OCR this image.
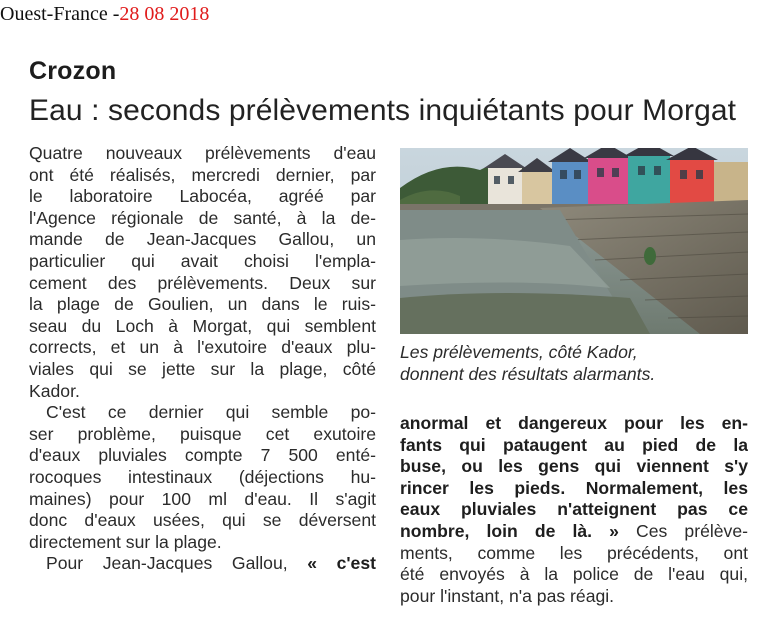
Ouest-France -28 08 2018
Crozon
Eau : seconds prélèvements inquiétants pour Morgat
Quatre nouveaux prélèvements d'eau
ont été réalisés, mercredi dernier, par
le laboratoire Labocéa, agréé par
l'Agence régionale de santé, à la de-
mande de Jean-Jacques Gallou, un
particulier qui avait choisi l'empla-
cement des prélèvements. Deux sur
la plage de Goulien, un dans le ruis-
seau du Loch à Morgat, qui semblent
corrects, et un à l'exutoire d'eaux plu-
viales qui se jette sur la plage, côté
Kador.
C'est ce dernier qui semble po-
ser problème, puisque cet exutoire
d'eaux pluviales compte 7 500 enté-
rocoques intestinaux (déjections hu-
maines) pour 100 ml d'eau. Il s'agit
donc d'eaux usées, qui se déversent
directement sur la plage.
Pour Jean-Jacques Gallou, « c'est
Les prélèvements, côté Kador,
donnent des résultats alarmants.
anormal et dangereux pour les en-
fants qui pataugent au pied de la
buse, ou les gens qui viennent s'y
rincer les pieds. Normalement, les
eaux pluviales n'atteignent pas ce
nombre, loin de là. » Ces prélève-
ments, comme les précédents, ont
été envoyés à la police de l'eau qui,
pour l'instant, n'a pas réagi.
